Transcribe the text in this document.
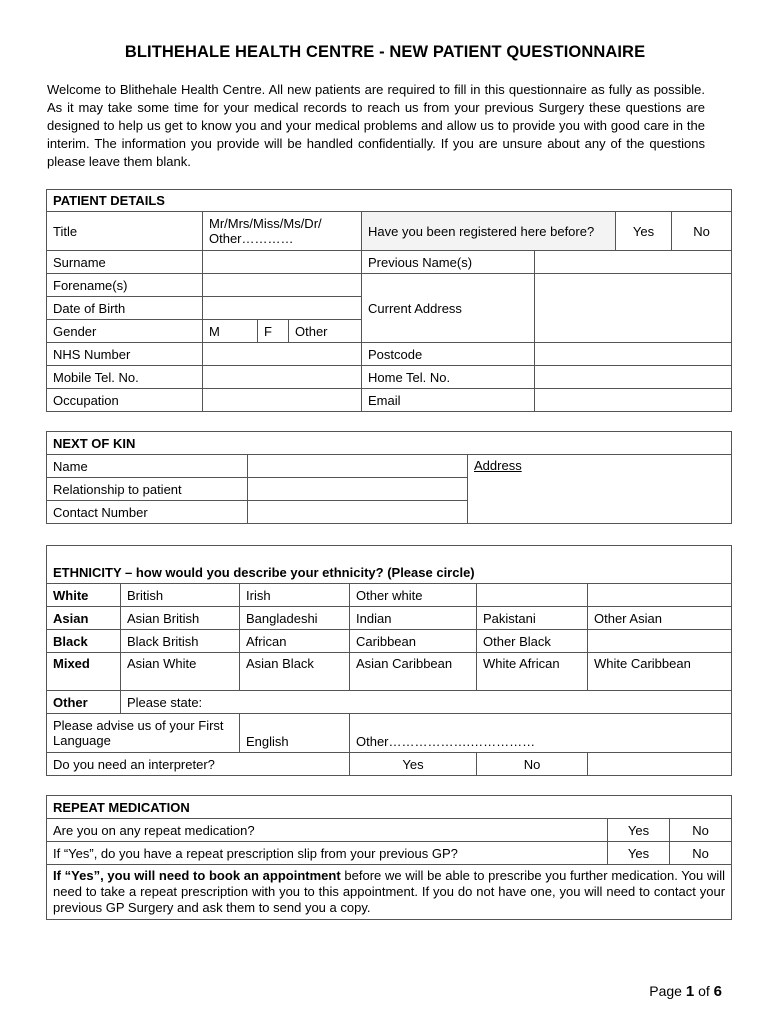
BLITHEHALE HEALTH CENTRE - NEW PATIENT QUESTIONNAIRE
Welcome to Blithehale Health Centre. All new patients are required to fill in this questionnaire as fully as possible. As it may take some time for your medical records to reach us from your previous Surgery these questions are designed to help us get to know you and your medical problems and allow us to provide you with good care in the interim. The information you provide will be handled confidentially. If you are unsure about any of the questions please leave them blank.
PATIENT DETAILS							
Title	Mr/Mrs/Miss/Ms/Dr/ Other…………			Have you been registered here before?		Yes	No
Surname				Previous Name(s)			
Forename(s)				Current Address			
Date of Birth							
Gender	M	F	Other				
NHS Number				Postcode			
Mobile Tel. No.				Home Tel. No.			
Occupation				Email			
NEXT OF KIN		
Name		Address
Relationship to patient		
Contact Number		
ETHNICITY – how would you describe your ethnicity? (Please circle)					
White	British	Irish	Other white		
Asian	Asian British	Bangladeshi	Indian	Pakistani	Other Asian
Black	Black British	African	Caribbean	Other Black	
Mixed	Asian White	Asian Black	Asian Caribbean	White African	White Caribbean
Other	Please state:				
Please advise us of your First Language	English	Other……………….……………		
Do you need an interpreter?		Yes	No	
REPEAT MEDICATION		
Are you on any repeat medication?	Yes	No
If “Yes”, do you have a repeat prescription slip from your previous GP?	Yes	No
If “Yes”, you will need to book an appointment before we will be able to prescribe you further medication. You will need to take a repeat prescription with you to this appointment. If you do not have one, you will need to contact your previous GP Surgery and ask them to send you a copy.		
Page 1 of 6
